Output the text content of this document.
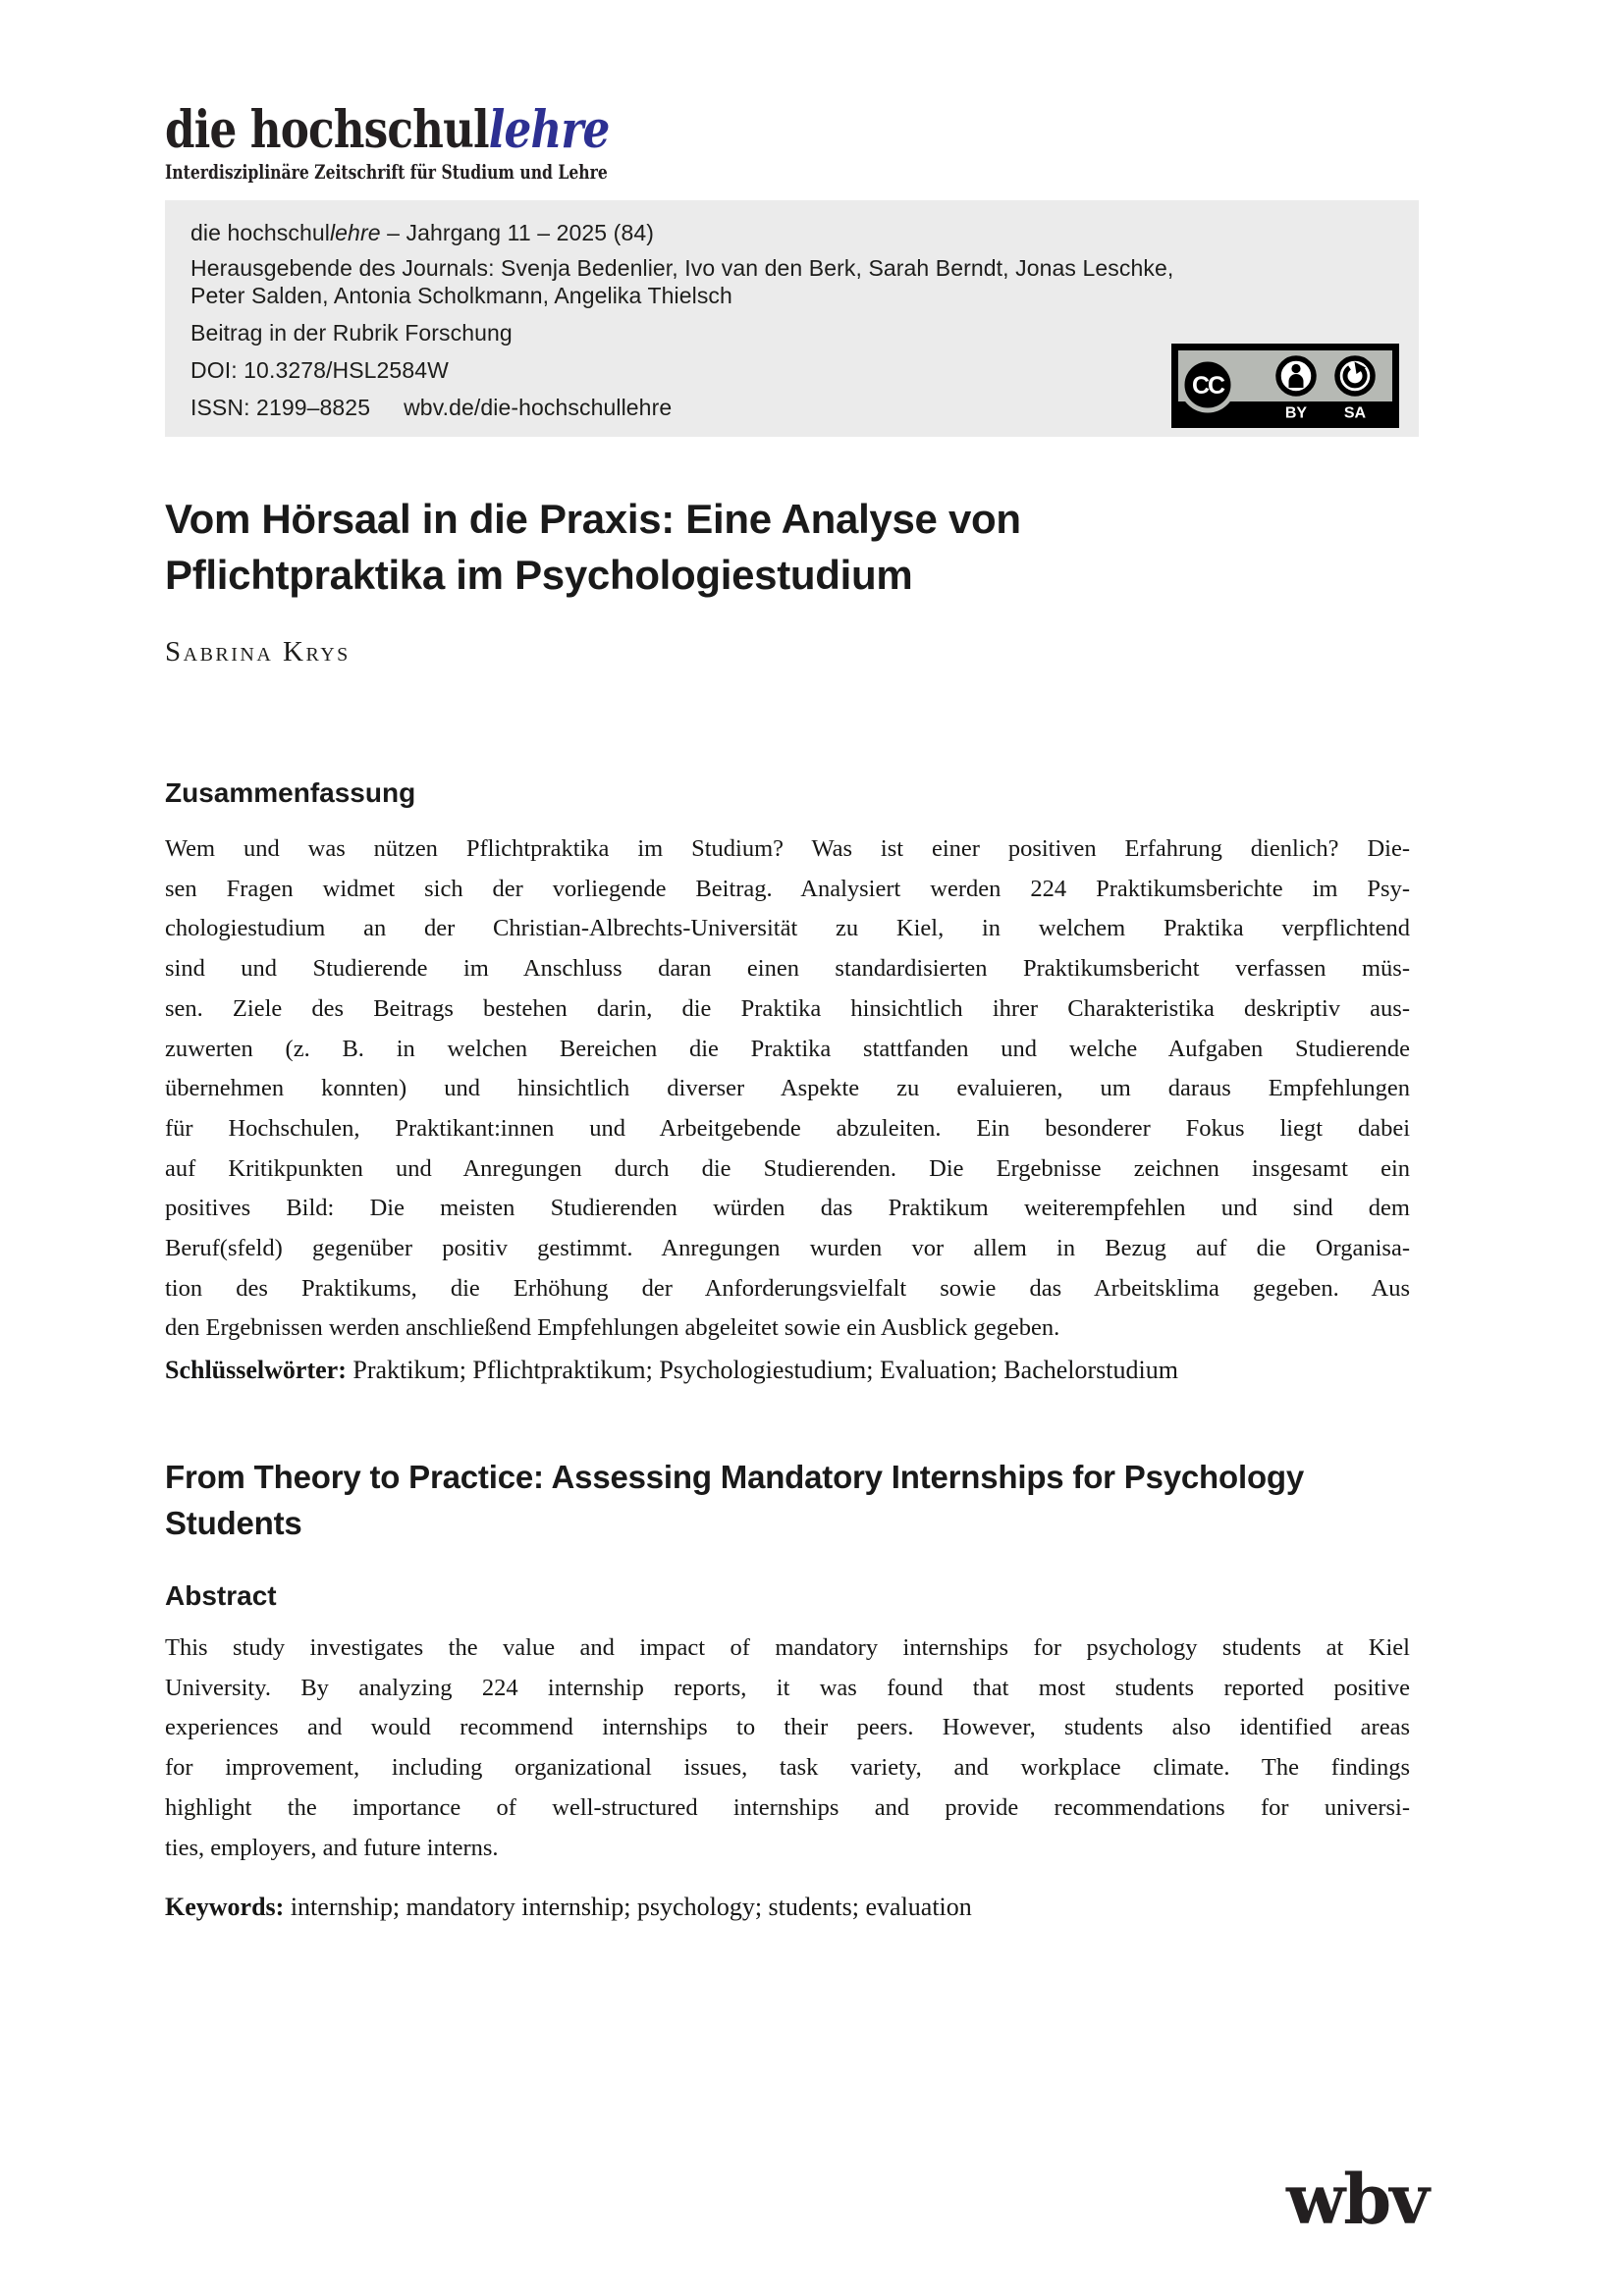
die hochschullehre
Interdisziplinäre Zeitschrift für Studium und Lehre
die hochschullehre – Jahrgang 11 – 2025 (84)
Herausgebende des Journals: Svenja Bedenlier, Ivo van den Berk, Sarah Berndt, Jonas Leschke,
Peter Salden, Antonia Scholkmann, Angelika Thielsch
Beitrag in der Rubrik Forschung
DOI: 10.3278/HSL2584W
ISSN: 2199–8825 wbv.de/die-hochschullehre
CC
BY SA
Vom Hörsaal in die Praxis: Eine Analyse von
Pflichtpraktika im Psychologiestudium
Sabrina Krys
Zusammenfassung
Wem und was nützen Pflichtpraktika im Studium? Was ist einer positiven Erfahrung dienlich? Die-
sen Fragen widmet sich der vorliegende Beitrag. Analysiert werden 224 Praktikumsberichte im Psy-
chologiestudium an der Christian-Albrechts-Universität zu Kiel, in welchem Praktika verpflichtend
sind und Studierende im Anschluss daran einen standardisierten Praktikumsbericht verfassen müs-
sen. Ziele des Beitrags bestehen darin, die Praktika hinsichtlich ihrer Charakteristika deskriptiv aus-
zuwerten (z. B. in welchen Bereichen die Praktika stattfanden und welche Aufgaben Studierende
übernehmen konnten) und hinsichtlich diverser Aspekte zu evaluieren, um daraus Empfehlungen
für Hochschulen, Praktikant:innen und Arbeitgebende abzuleiten. Ein besonderer Fokus liegt dabei
auf Kritikpunkten und Anregungen durch die Studierenden. Die Ergebnisse zeichnen insgesamt ein
positives Bild: Die meisten Studierenden würden das Praktikum weiterempfehlen und sind dem
Beruf(sfeld) gegenüber positiv gestimmt. Anregungen wurden vor allem in Bezug auf die Organisa-
tion des Praktikums, die Erhöhung der Anforderungsvielfalt sowie das Arbeitsklima gegeben. Aus
den Ergebnissen werden anschließend Empfehlungen abgeleitet sowie ein Ausblick gegeben.
Schlüsselwörter: Praktikum; Pflichtpraktikum; Psychologiestudium; Evaluation; Bachelorstudium
From Theory to Practice: Assessing Mandatory Internships for Psychology
Students
Abstract
This study investigates the value and impact of mandatory internships for psychology students at Kiel
University. By analyzing 224 internship reports, it was found that most students reported positive
experiences and would recommend internships to their peers. However, students also identified areas
for improvement, including organizational issues, task variety, and workplace climate. The findings
highlight the importance of well-structured internships and provide recommendations for universi-
ties, employers, and future interns.
Keywords: internship; mandatory internship; psychology; students; evaluation
wbv
